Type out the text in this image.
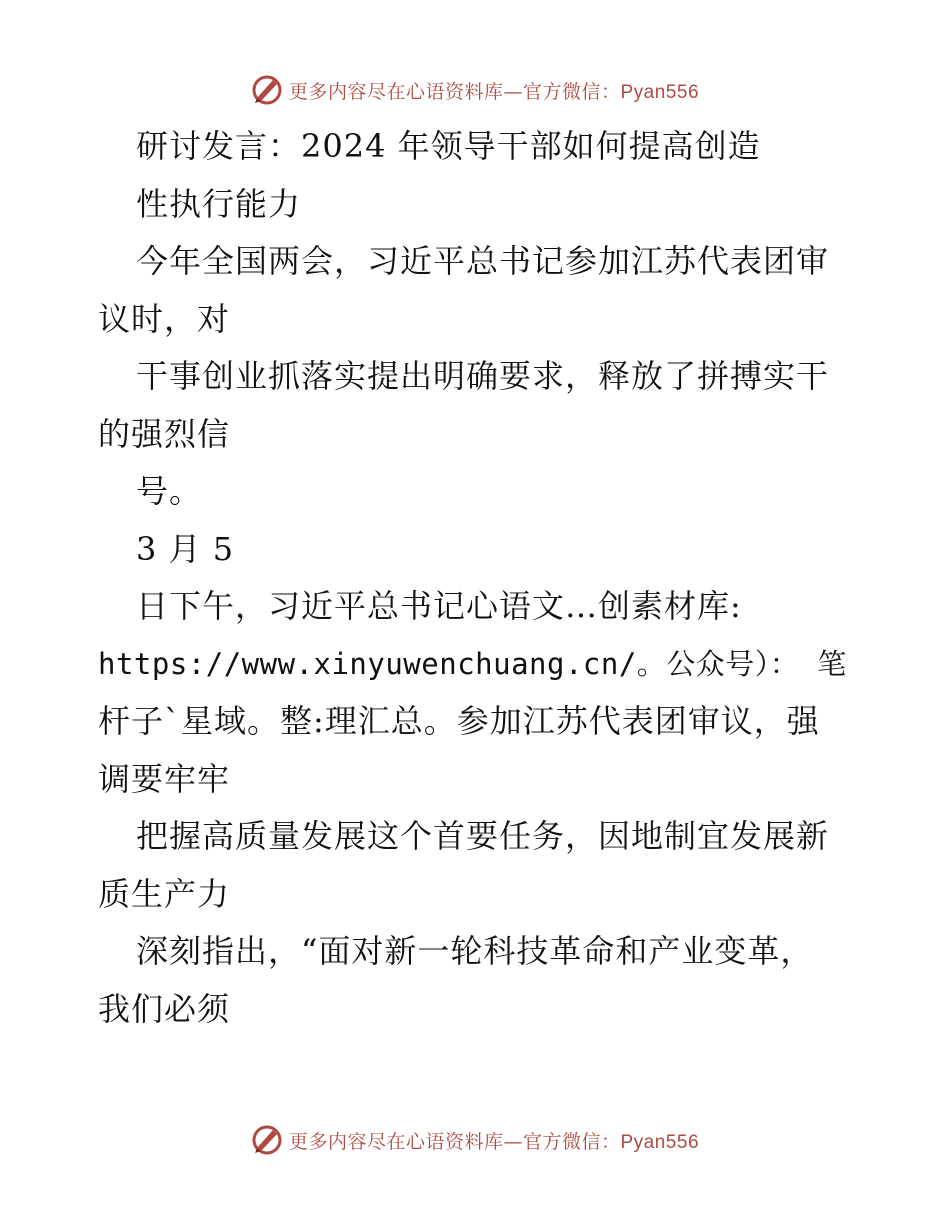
更多内容尽在心语资料库—官方微信：Pyan556
研讨发言：2024 年领导干部如何提高创造
性执行能力
今年全国两会，习近平总书记参加江苏代表团审
议时，对
干事创业抓落实提出明确要求，释放了拼搏实干
的强烈信
号。
3 月 5
日下午，习近平总书记心语文…创素材库:
https://www.xinyuwenchuang.cn/。公众号）： 笔
杆子`星域。整:理汇总。参加江苏代表团审议，强
调要牢牢
把握高质量发展这个首要任务，因地制宜发展新
质生产力
深刻指出，“面对新一轮科技革命和产业变革，
我们必须
更多内容尽在心语资料库—官方微信：Pyan556
